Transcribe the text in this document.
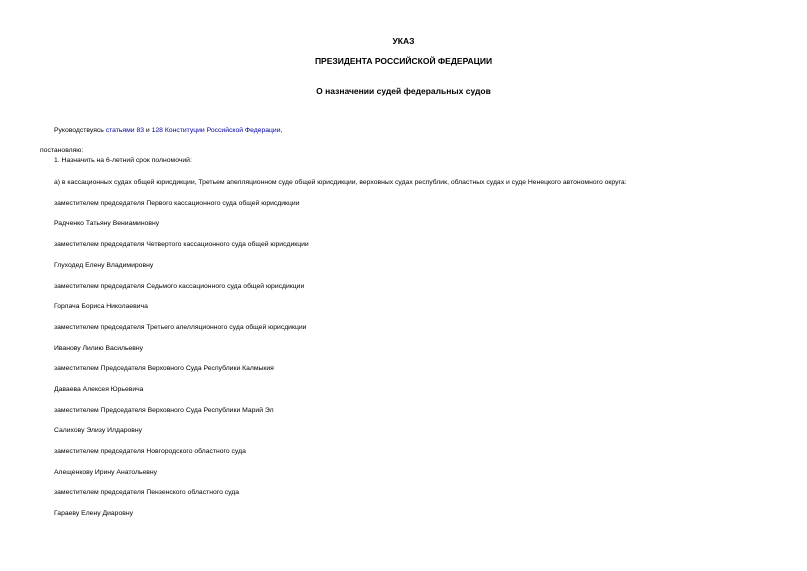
УКАЗ
ПРЕЗИДЕНТА РОССИЙСКОЙ ФЕДЕРАЦИИ
О назначении судей федеральных судов
Руководствуясь статьями 83 и 128 Конституции Российской Федерации,
постановляю:
1. Назначить на 6-летний срок полномочий:
а) в кассационных судах общей юрисдикции, Третьем апелляционном суде общей юрисдикции, верховных судах республик, областных судах и суде Ненецкого автономного округа:
заместителем председателя Первого кассационного суда общей юрисдикции
Радченко Татьяну Вениаминовну
заместителем председателя Четвертого кассационного суда общей юрисдикции
Глуходед Елену Владимировну
заместителем председателя Седьмого кассационного суда общей юрисдикции
Горлача Бориса Николаевича
заместителем председателя Третьего апелляционного суда общей юрисдикции
Иванову Лилию Васильевну
заместителем Председателя Верховного Суда Республики Калмыкия
Даваева Алексея Юрьевича
заместителем Председателя Верховного Суда Республики Марий Эл
Салихову Элизу Илдаровну
заместителем председателя Новгородского областного суда
Алещенкову Ирину Анатольевну
заместителем председателя Пензенского областного суда
Гараеву Елену Диаровну
